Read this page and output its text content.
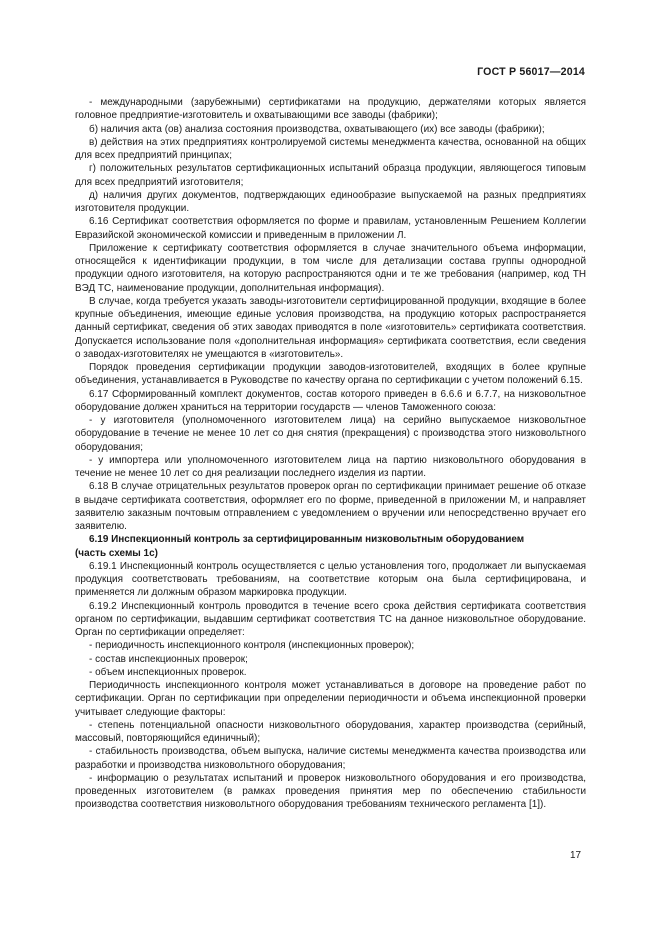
ГОСТ Р 56017—2014

- международными (зарубежными) сертификатами на продукцию, держателями которых является головное предприятие-изготовитель и охватывающими все заводы (фабрики);

б) наличия акта (ов) анализа состояния производства, охватывающего (их) все заводы (фабрики);

в) действия на этих предприятиях контролируемой системы менеджмента качества, основанной на общих для всех предприятий принципах;

г) положительных результатов сертификационных испытаний образца продукции, являющегося типовым для всех предприятий изготовителя;

д) наличия других документов, подтверждающих единообразие выпускаемой на разных предприятиях изготовителя продукции.

6.16 Сертификат соответствия оформляется по форме и правилам, установленным Решением Коллегии Евразийской экономической комиссии и приведенным в приложении Л.

Приложение к сертификату соответствия оформляется в случае значительного объема информации, относящейся к идентификации продукции, в том числе для детализации состава группы однородной продукции одного изготовителя, на которую распространяются одни и те же требования (например, код ТН ВЭД ТС, наименование продукции, дополнительная информация).

В случае, когда требуется указать заводы-изготовители сертифицированной продукции, входящие в более крупные объединения, имеющие единые условия производства, на продукцию которых распространяется данный сертификат, сведения об этих заводах приводятся в поле «изготовитель» сертификата соответствия. Допускается использование поля «дополнительная информация» сертификата соответствия, если сведения о заводах-изготовителях не умещаются в «изготовитель».

Порядок проведения сертификации продукции заводов-изготовителей, входящих в более крупные объединения, устанавливается в Руководстве по качеству органа по сертификации с учетом положений 6.15.

6.17 Сформированный комплект документов, состав которого приведен в 6.6.6 и 6.7.7, на низковольтное оборудование должен храниться на территории государств — членов Таможенного союза:

- у изготовителя (уполномоченного изготовителем лица) на серийно выпускаемое низковольтное оборудование в течение не менее 10 лет со дня снятия (прекращения) с производства этого низковольтного оборудования;

- у импортера или уполномоченного изготовителем лица на партию низковольтного оборудования в течение не менее 10 лет со дня реализации последнего изделия из партии.

6.18 В случае отрицательных результатов проверок орган по сертификации принимает решение об отказе в выдаче сертификата соответствия, оформляет его по форме, приведенной в приложении М, и направляет заявителю заказным почтовым отправлением с уведомлением о вручении или непосредственно вручает его заявителю.

6.19 Инспекционный контроль за сертифицированным низковольтным оборудованием
(часть схемы 1с)

6.19.1 Инспекционный контроль осуществляется с целью установления того, продолжает ли выпускаемая продукция соответствовать требованиям, на соответствие которым она была сертифицирована, и применяется ли должным образом маркировка продукции.

6.19.2 Инспекционный контроль проводится в течение всего срока действия сертификата соответствия органом по сертификации, выдавшим сертификат соответствия ТС на данное низковольтное оборудование. Орган по сертификации определяет:

- периодичность инспекционного контроля (инспекционных проверок);

- состав инспекционных проверок;

- объем инспекционных проверок.

Периодичность инспекционного контроля может устанавливаться в договоре на проведение работ по сертификации. Орган по сертификации при определении периодичности и объема инспекционной проверки учитывает следующие факторы:

- степень потенциальной опасности низковольтного оборудования, характер производства (серийный, массовый, повторяющийся единичный);

- стабильность производства, объем выпуска, наличие системы менеджмента качества производства или разработки и производства низковольтного оборудования;

- информацию о результатах испытаний и проверок низковольтного оборудования и его производства, проведенных изготовителем (в рамках проведения принятия мер по обеспечению стабильности производства соответствия низковольтного оборудования требованиям технического регламента [1]).

17
